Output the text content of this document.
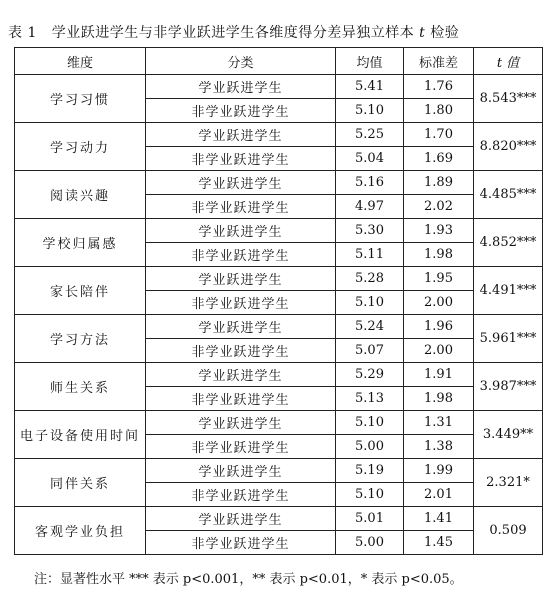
表 1 学业跃进学生与非学业跃进学生各维度得分差异独立样本 t 检验
维度	分类	均值	标准差	t 值
学习习惯	学业跃进学生	5.41	1.76	8.543***
	非学业跃进学生	5.10	1.80	
学习动力	学业跃进学生	5.25	1.70	8.820***
	非学业跃进学生	5.04	1.69	
阅读兴趣	学业跃进学生	5.16	1.89	4.485***
	非学业跃进学生	4.97	2.02	
学校归属感	学业跃进学生	5.30	1.93	4.852***
	非学业跃进学生	5.11	1.98	
家长陪伴	学业跃进学生	5.28	1.95	4.491***
	非学业跃进学生	5.10	2.00	
学习方法	学业跃进学生	5.24	1.96	5.961***
	非学业跃进学生	5.07	2.00	
师生关系	学业跃进学生	5.29	1.91	3.987***
	非学业跃进学生	5.13	1.98	
电子设备使用时间	学业跃进学生	5.10	1.31	3.449**
	非学业跃进学生	5.00	1.38	
同伴关系	学业跃进学生	5.19	1.99	2.321*
	非学业跃进学生	5.10	2.01	
客观学业负担	学业跃进学生	5.01	1.41	0.509
	非学业跃进学生	5.00	1.45	
注：显著性水平 *** 表示 p<0.001，** 表示 p<0.01，* 表示 p<0.05。
